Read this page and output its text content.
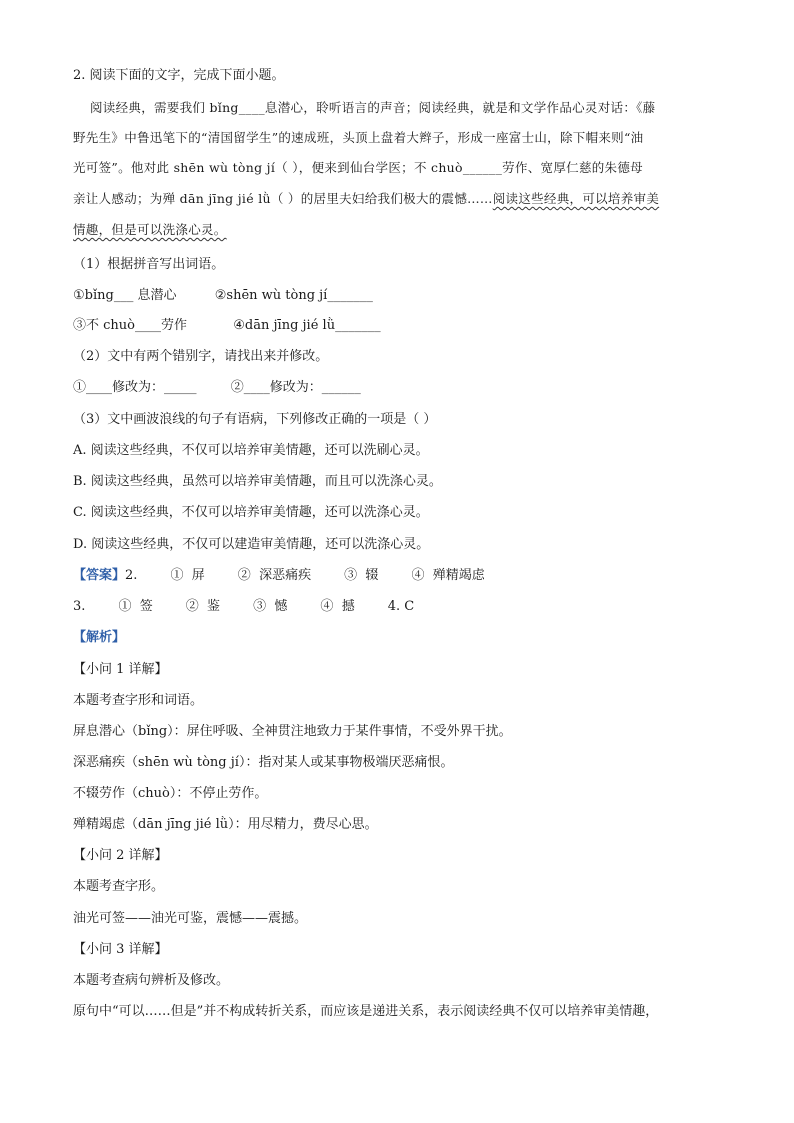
2. 阅读下面的文字，完成下面小题。
阅读经典，需要我们 bǐng____息潜心，聆听语言的声音；阅读经典，就是和文学作品心灵对话：《藤
野先生》中鲁迅笔下的“清国留学生”的速成班，头顶上盘着大辫子，形成一座富士山，除下帽来则“油
光可签”。他对此 shēn wù tòng jí（ ），便来到仙台学医；不 chuò______劳作、宽厚仁慈的朱德母
亲让人感动；为殚 dān jīng jié lǜ（ ）的居里夫妇给我们极大的震憾……阅读这些经典，可以培养审美
情趣，但是可以洗涤心灵。
（1）根据拼音写出词语。
①bǐng___ 息潜心	②shēn wù tòng jí_______
③不 chuò____劳作	④dān jīng jié lǜ_______
（2）文中有两个错别字，请找出来并修改。
①____修改为：_____	②____修改为：______
（3）文中画波浪线的句子有语病，下列修改正确的一项是（ ）
A. 阅读这些经典，不仅可以培养审美情趣，还可以洗刷心灵。
B. 阅读这些经典，虽然可以培养审美情趣，而且可以洗涤心灵。
C. 阅读这些经典，不仅可以培养审美情趣，还可以洗涤心灵。
D. 阅读这些经典，不仅可以建造审美情趣，还可以洗涤心灵。
【答案】2.        ①  屏        ②  深恶痛疾        ③  辍        ④  殚精竭虑
3.        ①  签        ②  鉴        ③  憾        ④  撼        4. C
【解析】
【小问 1 详解】
本题考查字形和词语。
屏息潜心（bǐng）：屏住呼吸、全神贯注地致力于某件事情，不受外界干扰。
深恶痛疾（shēn wù tòng jí）：指对某人或某事物极端厌恶痛恨。
不辍劳作（chuò）：不停止劳作。
殚精竭虑（dān jīng jié lǜ）：用尽精力，费尽心思。
【小问 2 详解】
本题考查字形。
油光可签——油光可鉴，震憾——震撼。
【小问 3 详解】
本题考查病句辨析及修改。
原句中“可以……但是”并不构成转折关系，而应该是递进关系，表示阅读经典不仅可以培养审美情趣，
